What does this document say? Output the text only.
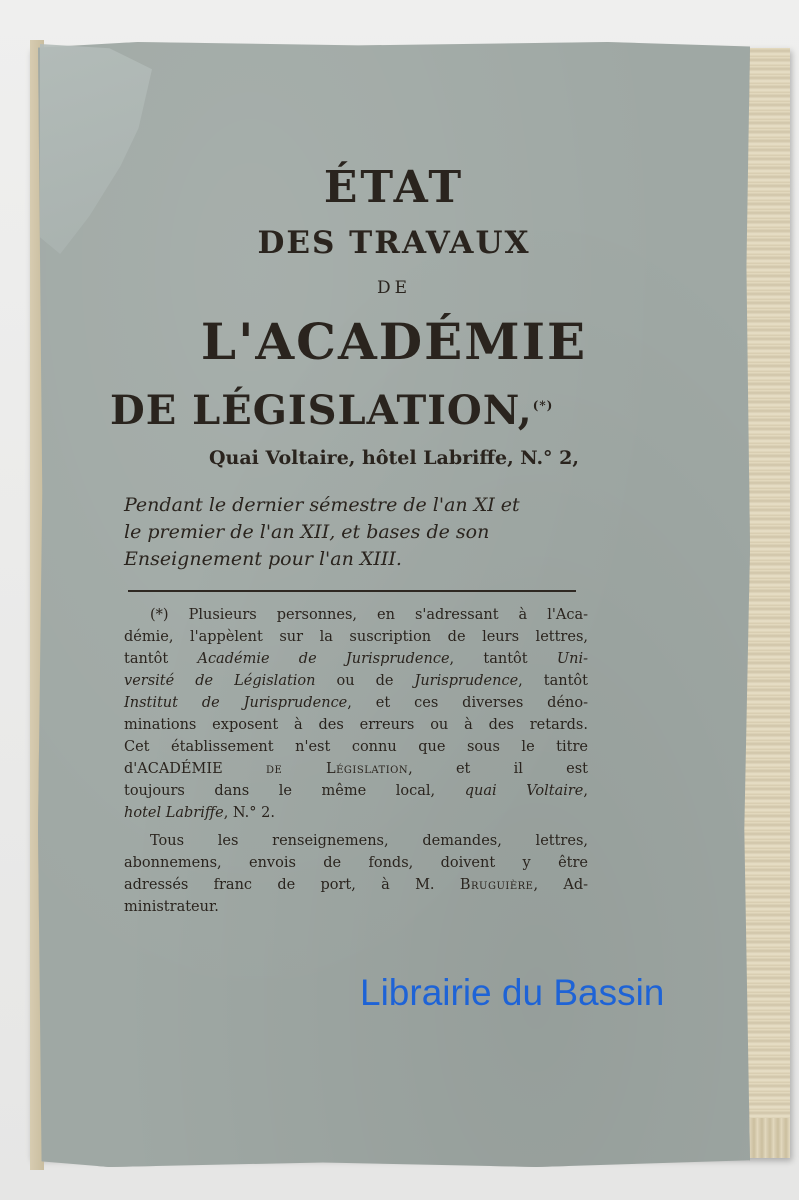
ÉTAT
DES TRAVAUX
DE
L'ACADÉMIE
DE LÉGISLATION,(*)
Quai Voltaire, hôtel Labriffe, N.° 2,
Pendant le dernier sémestre de l'an XI et
le premier de l'an XII, et bases de son
Enseignement pour l'an XIII.
(*) Plusieurs personnes, en s'adressant à l'Aca-
démie, l'appèlent sur la suscription de leurs lettres,
tantôt Académie de Jurisprudence, tantôt Uni-
versité de Législation ou de Jurisprudence, tantôt
Institut de Jurisprudence, et ces diverses déno-
minations exposent à des erreurs ou à des retards.
Cet établissement n'est connu que sous le titre
d'ACADÉMIE	de Législation, et il est
toujours dans le même local, quai Voltaire,
hotel Labriffe, N.° 2.
Tous les renseignemens, demandes, lettres,
abonnemens, envois de fonds, doivent y être
adressés franc de port, à M. Bruguière, Ad-
ministrateur.
Librairie du Bassin
